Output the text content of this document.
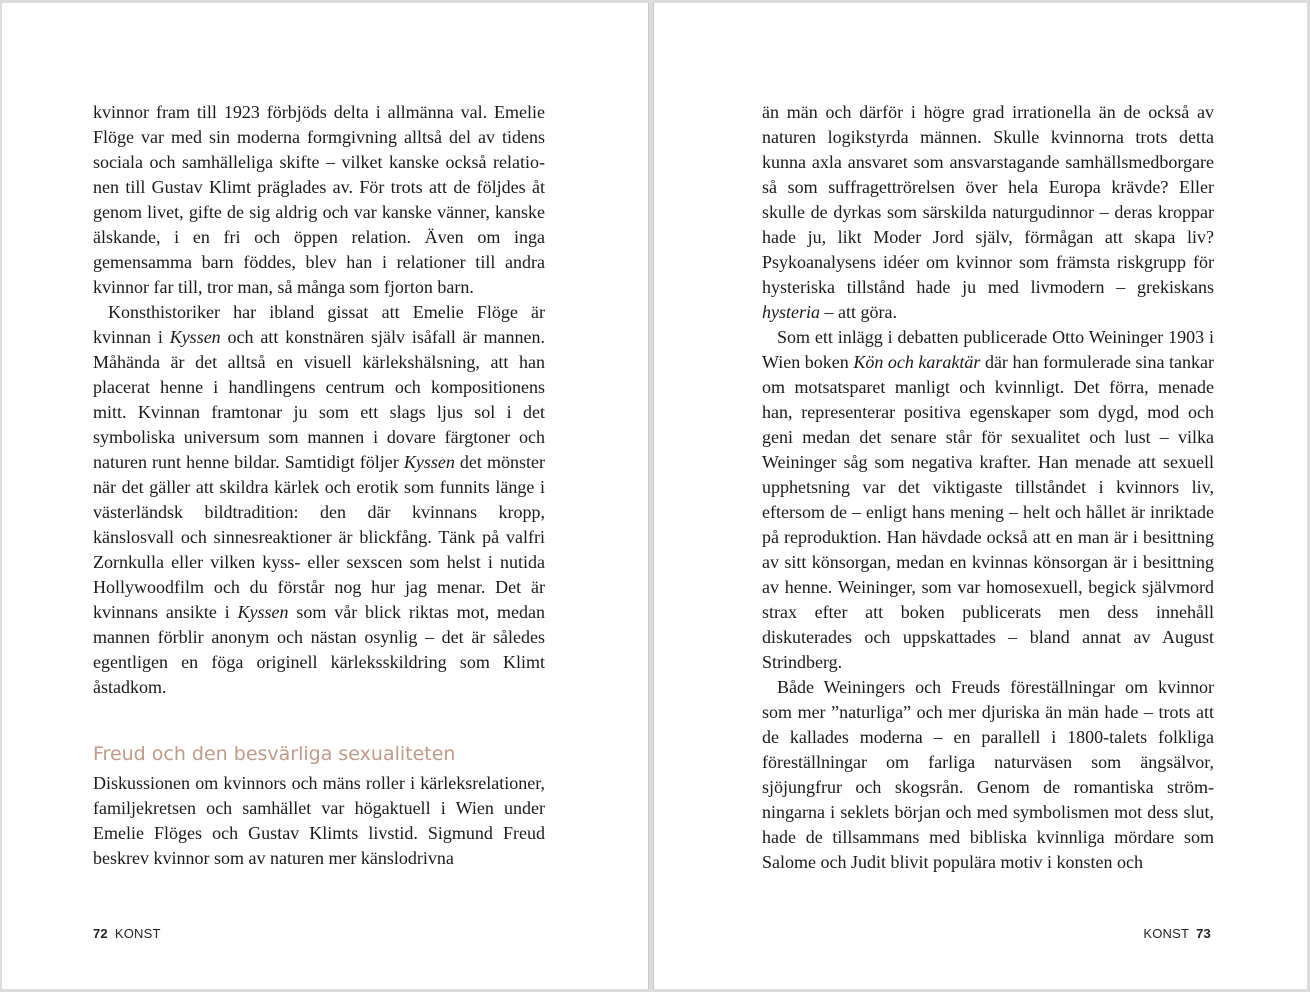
kvinnor fram till 1923 förbjöds delta i allmänna val. Emelie Flöge var med sin moderna formgivning alltså del av tidens sociala och samhälleliga skifte – vilket kanske också relationen till Gustav Klimt präglades av. För trots att de följdes åt genom livet, gifte de sig aldrig och var kanske vänner, kanske älskande, i en fri och öppen relation. Även om inga gemensamma barn föddes, blev han i relationer till andra kvinnor far till, tror man, så många som fjorton barn.

Konsthistoriker har ibland gissat att Emelie Flöge är kvinnan i Kyssen och att konstnären själv isåfall är mannen. Måhända är det alltså en visuell kärlekshälsning, att han placerat henne i handlingens centrum och kompositionens mitt. Kvinnan framtonar ju som ett slags ljus sol i det symboliska universum som mannen i dovare färgtoner och naturen runt henne bildar. Samtidigt följer Kyssen det mönster när det gäller att skildra kärlek och erotik som funnits länge i västerländsk bildtradition: den där kvinnans kropp, känslosvall och sinnesreaktioner är blickfång. Tänk på valfri Zornkulla eller vilken kyss- eller sexscen som helst i nutida Hollywoodfilm och du förstår nog hur jag menar. Det är kvinnans ansikte i Kyssen som vår blick riktas mot, medan mannen förblir anonym och nästan osynlig – det är således egentligen en föga originell kärleksskildring som Klimt åstadkom.

Freud och den besvärliga sexualiteten

Diskussionen om kvinnors och mäns roller i kärleksrelationer, familjekretsen och samhället var högaktuell i Wien under Emelie Flöges och Gustav Klimts livstid. Sigmund Freud beskrev kvinnor som av naturen mer känslodrivna

72 KONST

än män och därför i högre grad irrationella än de också av naturen logikstyrda männen. Skulle kvinnorna trots detta kunna axla ansvaret som ansvarstagande samhällsmedborgare så som suffragettrörelsen över hela Europa krävde? Eller skulle de dyrkas som särskilda naturgudinnor – deras kroppar hade ju, likt Moder Jord själv, förmågan att skapa liv? Psykoanalysens idéer om kvinnor som främsta riskgrupp för hysteriska tillstånd hade ju med livmodern – grekiskans hysteria – att göra.

Som ett inlägg i debatten publicerade Otto Weininger 1903 i Wien boken Kön och karaktär där han formulerade sina tankar om motsatsparet manligt och kvinnligt. Det förra, menade han, representerar positiva egenskaper som dygd, mod och geni medan det senare står för sexualitet och lust – vilka Weininger såg som negativa krafter. Han menade att sexuell upphetsning var det viktigaste tillståndet i kvinnors liv, eftersom de – enligt hans mening – helt och hållet är inriktade på reproduktion. Han hävdade också att en man är i besittning av sitt könsorgan, medan en kvinnas könsorgan är i besittning av henne. Weininger, som var homosexuell, begick självmord strax efter att boken publicerats men dess innehåll diskuterades och uppskattades – bland annat av August Strindberg.

Både Weiningers och Freuds föreställningar om kvinnor som mer ”naturliga” och mer djuriska än män hade – trots att de kallades moderna – en parallell i 1800-talets folkliga föreställningar om farliga naturväsen som ängsälvor, sjöjungfrur och skogsrån. Genom de romantiska strömningarna i seklets början och med symbolismen mot dess slut, hade de tillsammans med bibliska kvinnliga mördare som Salome och Judit blivit populära motiv i konsten och

KONST 73
